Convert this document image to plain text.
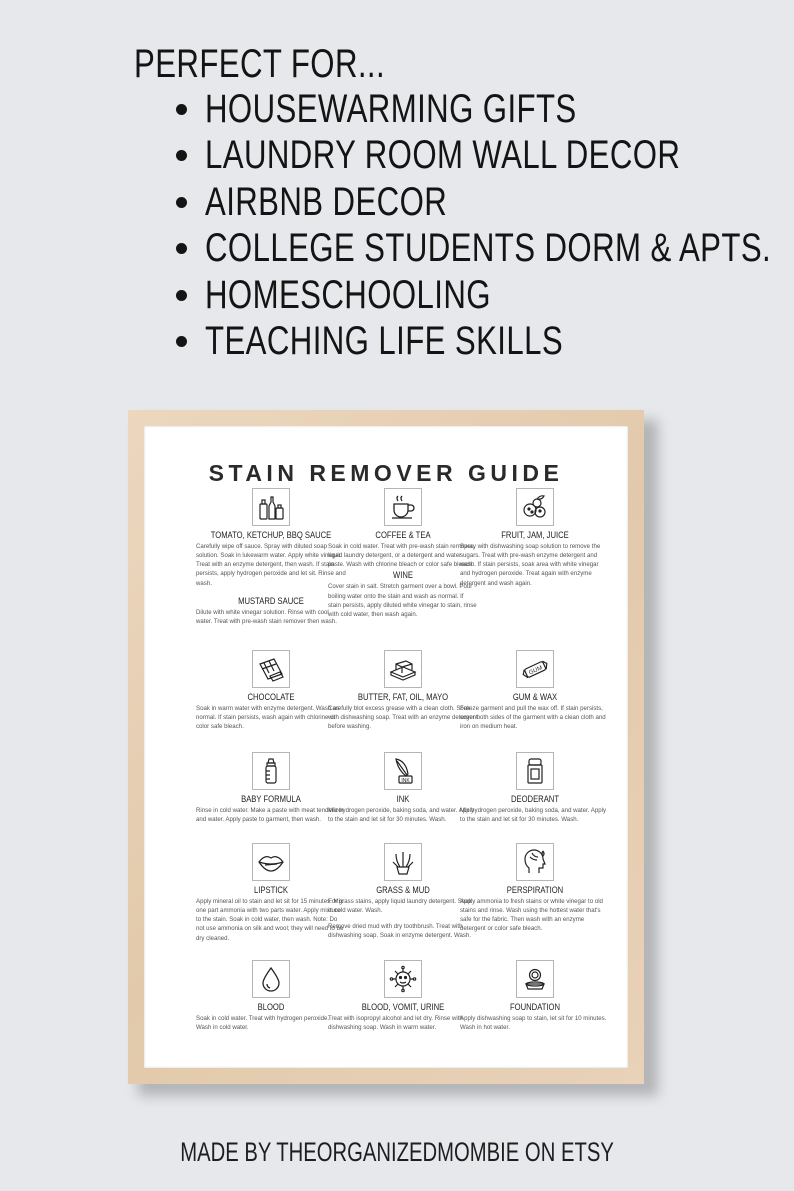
PERFECT FOR...
HOUSEWARMING GIFTS
LAUNDRY ROOM WALL DECOR
AIRBNB DECOR
COLLEGE STUDENTS DORM & APTS.
HOMESCHOOLING
TEACHING LIFE SKILLS
STAIN REMOVER GUIDE
TOMATO, KETCHUP, BBQ SAUCE
Carefully wipe off sauce. Spray with diluted soap solution. Soak in lukewarm water. Apply white vinegar. Treat with an enzyme detergent, then wash. If stain persists, apply hydrogen peroxide and let sit. Rinse and wash.
MUSTARD SAUCE
Dilute with white vinegar solution. Rinse with cool water. Treat with pre-wash stain remover then wash.
COFFEE & TEA
Soak in cold water. Treat with pre-wash stain remover, liquid laundry detergent, or a detergent and water paste. Wash with chlorine bleach or color safe bleach.
WINE
Cover stain in salt. Stretch garment over a bowl. Pour boiling water onto the stain and wash as normal. If stain persists, apply diluted white vinegar to stain, rinse with cold water, then wash again.
FRUIT, JAM, JUICE
Spray with dishwashing soap solution to remove the sugars. Treat with pre-wash enzyme detergent and wash. If stain persists, soak area with white vinegar and hydrogen peroxide. Treat again with enzyme detergent and wash again.
CHOCOLATE
Soak in warm water with enzyme detergent. Wash as normal. If stain persists, wash again with chlorine or color safe bleach.
BUTTER, FAT, OIL, MAYO
Carefully blot excess grease with a clean cloth. Soak with dishwashing soap. Treat with an enzyme detergent before washing.
GUM
GUM & WAX
Freeze garment and pull the wax off. If stain persists, cover both sides of the garment with a clean cloth and iron on medium heat.
BABY FORMULA
Rinse in cold water. Make a paste with meat tenderizer and water. Apply paste to garment, then wash.
INK
INK
Mix hydrogen peroxide, baking soda, and water. Apply to the stain and let sit for 30 minutes. Wash.
DEODERANT
Mix hydrogen peroxide, baking soda, and water. Apply to the stain and let sit for 30 minutes. Wash.
LIPSTICK
Apply mineral oil to stain and let sit for 15 minutes. Mix one part ammonia with two parts water. Apply mixture to the stain. Soak in cold water, then wash. Note: Do not use ammonia on silk and wool; they will need to be dry cleaned.
GRASS & MUD
For grass stains, apply liquid laundry detergent. Soak in cold water. Wash.
Remove dried mud with dry toothbrush. Treat with dishwashing soap. Soak in enzyme detergent. Wash.
PERSPIRATION
Apply ammonia to fresh stains or white vinegar to old stains and rinse. Wash using the hottest water that's safe for the fabric. Then wash with an enzyme detergent or color safe bleach.
BLOOD
Soak in cold water. Treat with hydrogen peroxide. Wash in cold water.
BLOOD, VOMIT, URINE
Treat with isopropyl alcohol and let dry. Rinse with dishwashing soap. Wash in warm water.
FOUNDATION
Apply dishwashing soap to stain, let sit for 10 minutes. Wash in hot water.
MADE BY THEORGANIZEDMOMBIE ON ETSY
